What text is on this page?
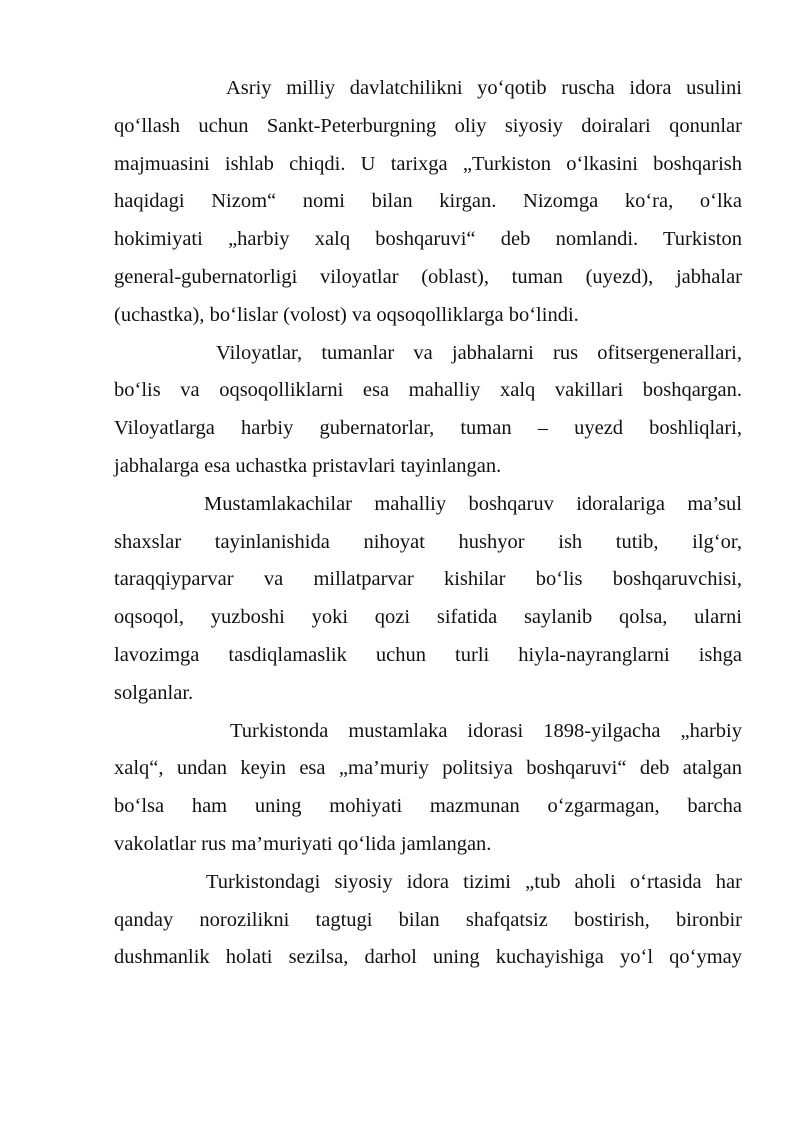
Asriy milliy davlatchilikni yo‘qotib ruscha idora usulini
qo‘llash uchun Sankt-Peterburgning oliy siyosiy doiralari qonunlar
majmuasini ishlab chiqdi. U tarixga „Turkiston o‘lkasini boshqarish
haqidagi Nizom“ nomi bilan kirgan. Nizomga ko‘ra, o‘lka
hokimiyati „harbiy xalq boshqaruvi“ deb nomlandi. Turkiston
general-gubernatorligi viloyatlar (oblast), tuman (uyezd), jabhalar
(uchastka), bo‘lislar (volost) va oqsoqolliklarga bo‘lindi.
Viloyatlar, tumanlar va jabhalarni rus ofitsergenerallari,
bo‘lis va oqsoqolliklarni esa mahalliy xalq vakillari boshqargan.
Viloyatlarga harbiy gubernatorlar, tuman – uyezd boshliqlari,
jabhalarga esa uchastka pristavlari tayinlangan.
Mustamlakachilar mahalliy boshqaruv idoralariga ma’sul
shaxslar tayinlanishida nihoyat hushyor ish tutib, ilg‘or,
taraqqiyparvar va millatparvar kishilar bo‘lis boshqaruvchisi,
oqsoqol, yuzboshi yoki qozi sifatida saylanib qolsa, ularni
lavozimga tasdiqlamaslik uchun turli hiyla-nayranglarni ishga
solganlar.
Turkistonda mustamlaka idorasi 1898-yilgacha „harbiy
xalq“, undan keyin esa „ma’muriy politsiya boshqaruvi“ deb atalgan
bo‘lsa ham uning mohiyati mazmunan o‘zgarmagan, barcha
vakolatlar rus ma’muriyati qo‘lida jamlangan.
Turkistondagi siyosiy idora tizimi „tub aholi o‘rtasida har
qanday norozilikni tagtugi bilan shafqatsiz bostirish, bironbir
dushmanlik holati sezilsa, darhol uning kuchayishiga yo‘l qo‘ymay
